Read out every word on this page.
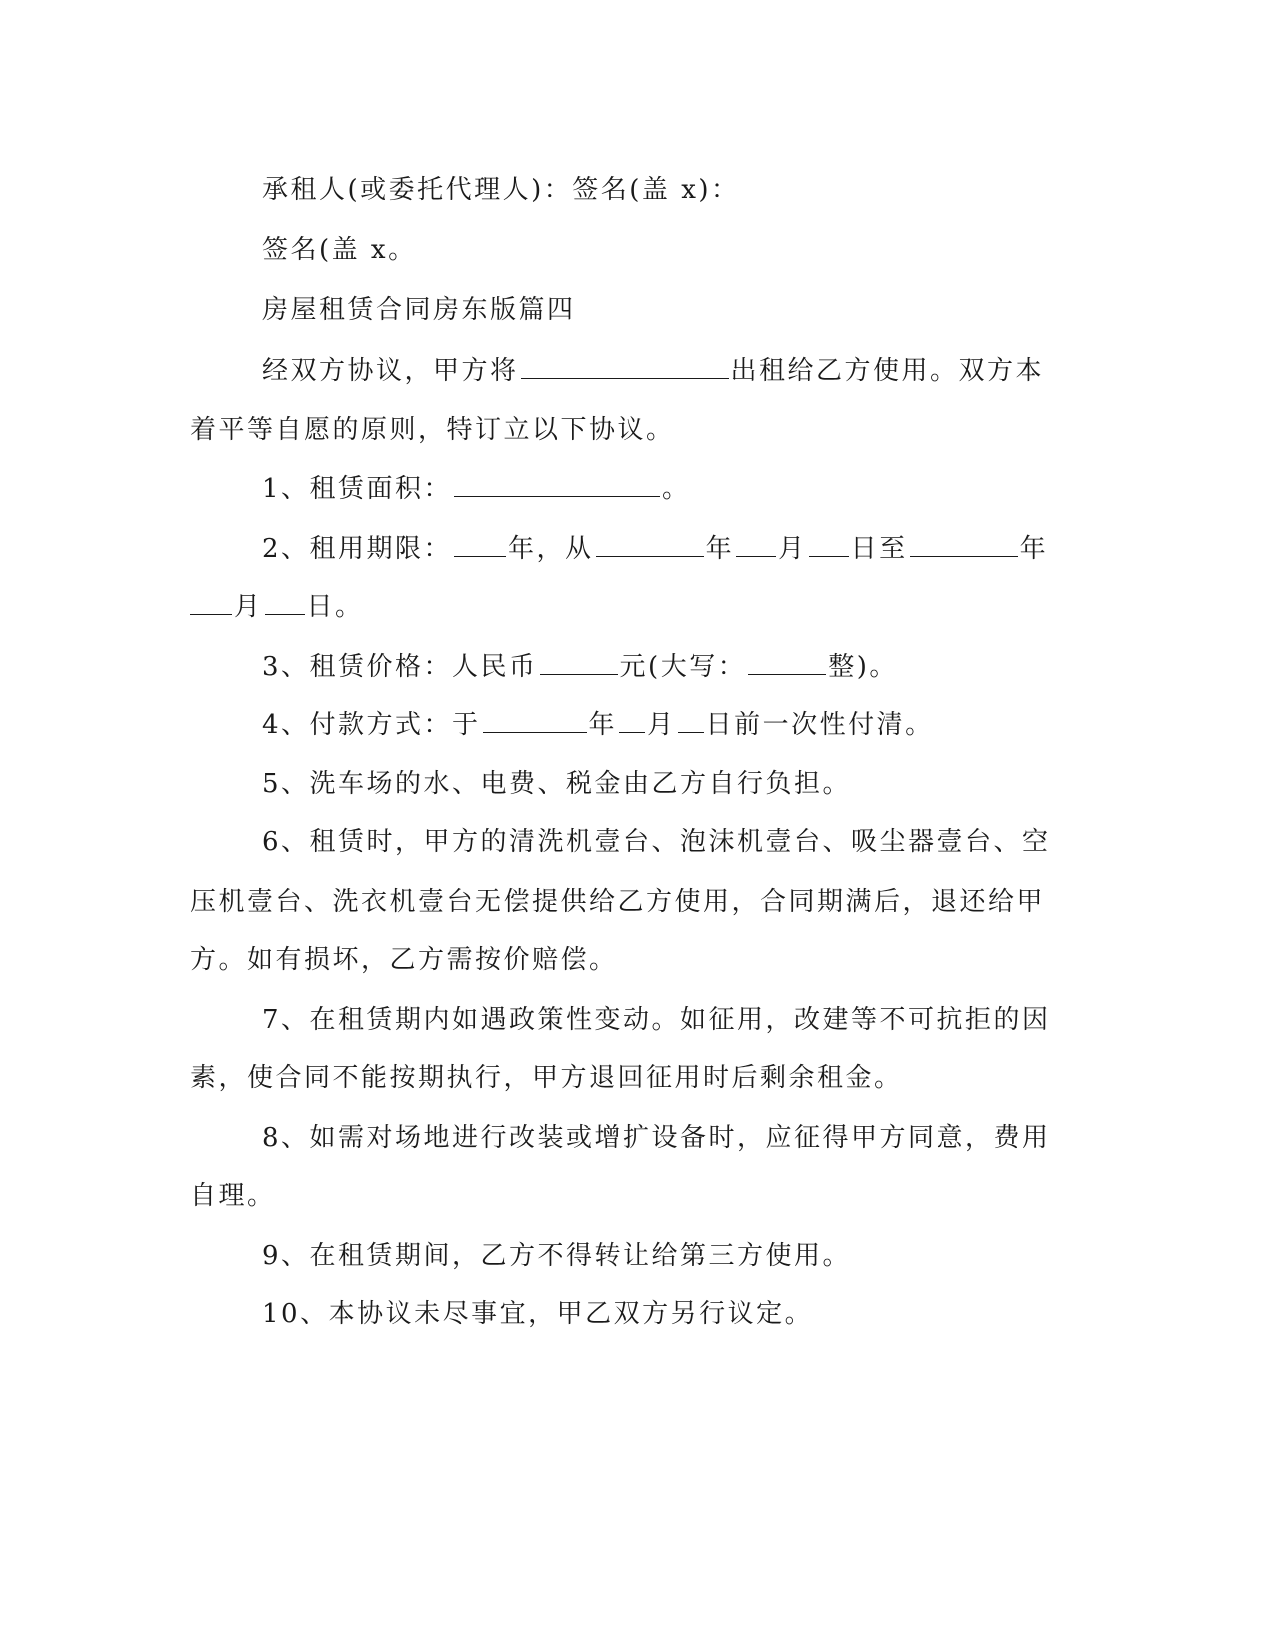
承租人(或委托代理人)：签名(盖 x)：
签名(盖 x。
房屋租赁合同房东版篇四
经双方协议，甲方将	出租给乙方使用。双方本
着平等自愿的原则，特订立以下协议。
1、租赁面积：	。
2、租用期限： 年，从	年 月 日至	年
月 日。
3、租赁价格：人民币	元(大写：	整)。
4、付款方式：于	年 月 日前一次性付清。
5、洗车场的水、电费、税金由乙方自行负担。
6、租赁时，甲方的清洗机壹台、泡沫机壹台、吸尘器壹台、空
压机壹台、洗衣机壹台无偿提供给乙方使用，合同期满后，退还给甲
方。如有损坏，乙方需按价赔偿。
7、在租赁期内如遇政策性变动。如征用，改建等不可抗拒的因
素，使合同不能按期执行，甲方退回征用时后剩余租金。
8、如需对场地进行改装或增扩设备时，应征得甲方同意，费用
自理。
9、在租赁期间，乙方不得转让给第三方使用。
10、本协议未尽事宜，甲乙双方另行议定。
